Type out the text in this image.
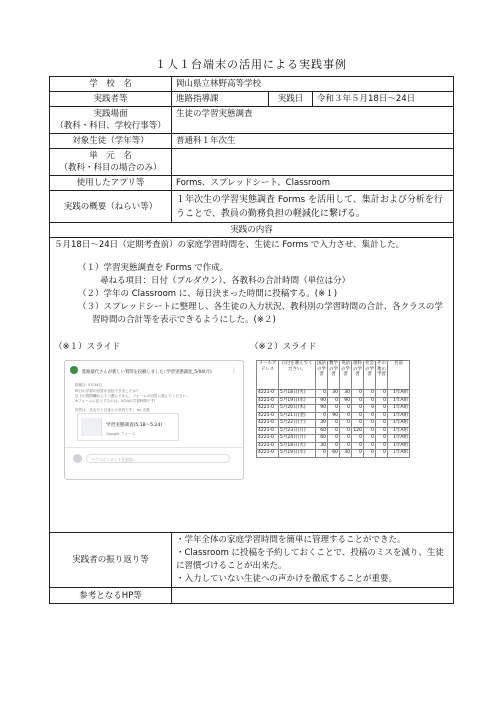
１人１台端末の活用による実践事例
学　校　名	岡山県立林野高等学校
実践者等	進路指導課	実践日	令和３年５月18日～24日

実践場面
（教科・科目、学校行事等）
	生徒の学習実態調査
対象生徒（学年等）	普通科１年次生

単　元　名
（教科・科目の場合のみ）

使用したアプリ等	Forms、スプレッドシート、Classroom
実践の概要（ねらい等）	１年次生の学習実態調査 Forms を活用して、集計および分析を行うことで、教員の勤務負担の軽減化に繋げる。
実践の内容

５月18日～24日（定期考査前）の家庭学習時間を、生徒に Forms で入力させ、集計した。

（１）学習実態調査を Forms で作成。

尋ねる項目：日付（プルダウン）、各教科の合計時間（単位は分）

（２）学年の Classroom に、毎日決まった時間に投稿する。(※１)

（３）スプレッドシートに整理し、各生徒の入力状況、教科別の学習時間の合計、各クラスの学習時間の合計等を表示できるようにした。(※２)

（※１）スライド	（※２）スライド
進路最代さんが新しい質問を投稿しました: 学習実態調査_5/04(月)	⋮
投稿日: 5月24日
昨日の学習の回答が送信できましたか?
以下の質問欄から１つ選んでから、フォームの回答に進んでください。
※フォームに記入するのは、5/24の学習時間です!
回答は、あなたと自身との共有です。 by 吉重
学習実態調査(5.18〜5.24)
Google フォーム
クラスにコメントを追加...
メールアドレス	日付を選んでください。	国語の学習	数学の学習	英語の学習	理科の学習	社会の学習	その他の学習	名前
4221-0	5月18日(火)	0	30	30	0	0	0	1年A組
4221-0	5月19日(水)	90	0	90	0	0	0	1年A組
4221-0	5月20日(木)	90	0	0	0	0	0	1年A組
4221-0	5月21日(金)	0	90	0	0	0	0	1年A組
4221-0	5月22日(土)	30	0	0	0	0	0	1年A組
4221-0	5月23日(日)	60	0	0	120	0	0	1年A組
4221-0	5月24日(月)	60	0	0	0	0	0	1年A組
4221-0	5月18日(火)	30	0	0	0	0	0	1年A組
4221-0	5月19日(水)	0	60	30	0	0	0	1年A組

実践者の振り返り等	

・学年全体の家庭学習時間を簡単に管理することができた。

・Classroom に投稿を予約しておくことで、投稿のミスを減り、生徒に習慣づけることが出来た。

・入力していない生徒への声かけを徹底することが重要。

参考となるHP等	
